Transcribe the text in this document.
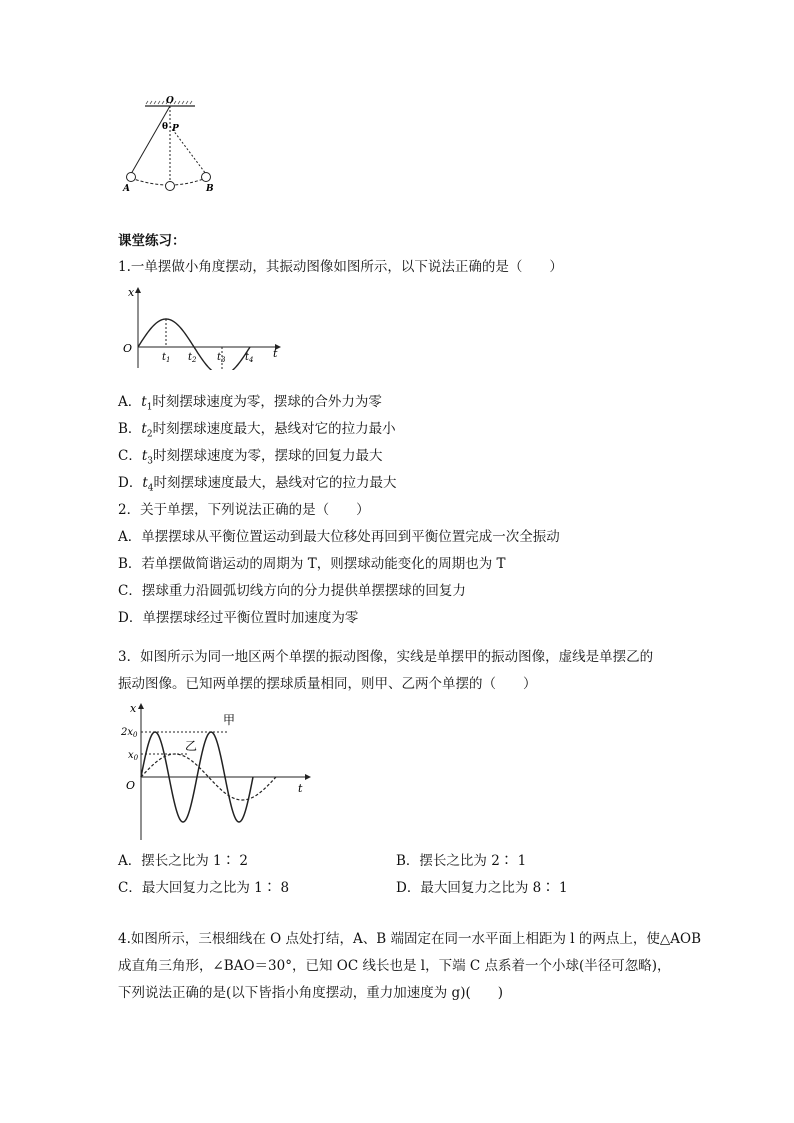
O
θ P
A	B
课堂练习：
1.一单摆做小角度摆动，其振动图像如图所示，以下说法正确的是（　　）
x
t
O
$t_1$ $t_2$ $t_3$ $t_4$
A．$t_1$时刻摆球速度为零，摆球的合外力为零
B．$t_2$时刻摆球速度最大，悬线对它的拉力最小
C．$t_3$时刻摆球速度为零，摆球的回复力最大
D．$t_4$时刻摆球速度最大，悬线对它的拉力最大
2．关于单摆，下列说法正确的是（　　）
A．单摆摆球从平衡位置运动到最大位移处再回到平衡位置完成一次全振动
B．若单摆做简谐运动的周期为 T，则摆球动能变化的周期也为 T
C．摆球重力沿圆弧切线方向的分力提供单摆摆球的回复力
D．单摆摆球经过平衡位置时加速度为零
3．如图所示为同一地区两个单摆的振动图像，实线是单摆甲的振动图像，虚线是单摆乙的
振动图像。已知两单摆的摆球质量相同，则甲、乙两个单摆的（　　）
x
t
O
$2x_0$
$x_0$
甲
乙
A．摆长之比为 1∶ 2	B．摆长之比为 2∶ 1
C．最大回复力之比为 1∶ 8	D．最大回复力之比为 8∶ 1
4.如图所示，三根细线在 O 点处打结，A、B 端固定在同一水平面上相距为 l 的两点上，使△AOB
成直角三角形，∠BAO＝30°，已知 OC 线长也是 l，下端 C 点系着一个小球(半径可忽略)，
下列说法正确的是(以下皆指小角度摆动，重力加速度为 g)(　　)
